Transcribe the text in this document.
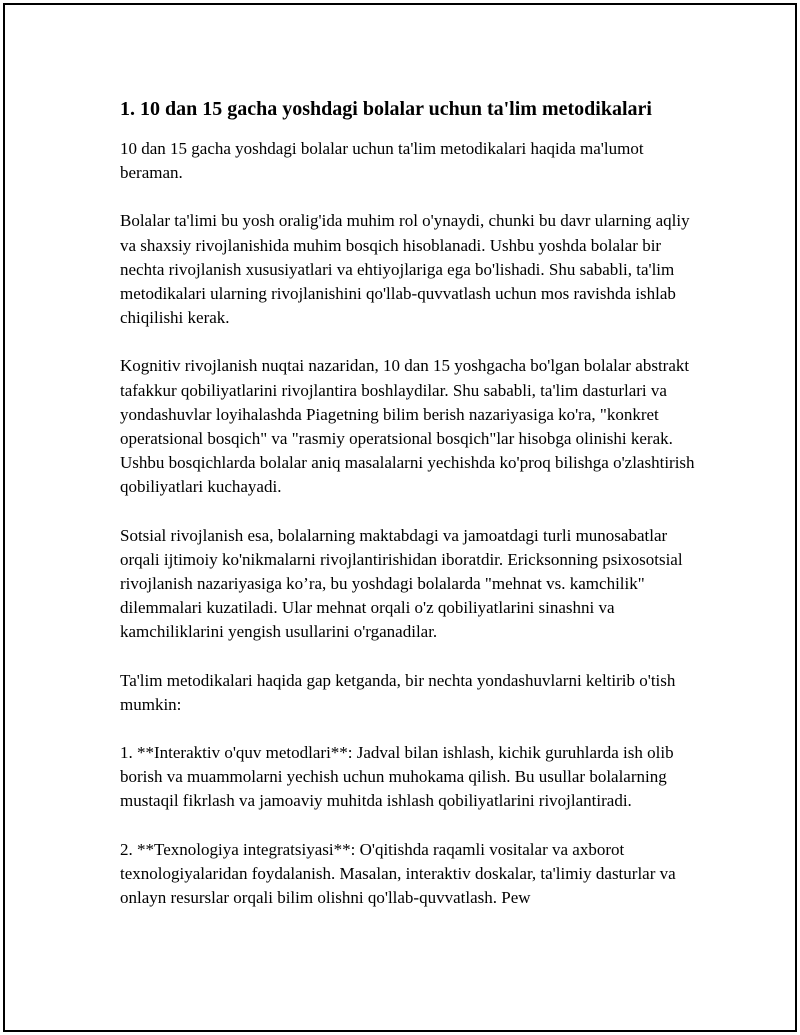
1. 10 dan 15 gacha yoshdagi bolalar uchun ta'lim metodikalari

10 dan 15 gacha yoshdagi bolalar uchun ta'lim metodikalari haqida ma'lumot beraman.

Bolalar ta'limi bu yosh oralig'ida muhim rol o'ynaydi, chunki bu davr ularning aqliy va shaxsiy rivojlanishida muhim bosqich hisoblanadi. Ushbu yoshda bolalar bir nechta rivojlanish xususiyatlari va ehtiyojlariga ega bo'lishadi. Shu sababli, ta'lim metodikalari ularning rivojlanishini qo'llab-quvvatlash uchun mos ravishda ishlab chiqilishi kerak.

Kognitiv rivojlanish nuqtai nazaridan, 10 dan 15 yoshgacha bo'lgan bolalar abstrakt tafakkur qobiliyatlarini rivojlantira boshlaydilar. Shu sababli, ta'lim dasturlari va yondashuvlar loyihalashda Piagetning bilim berish nazariyasiga ko'ra, "konkret operatsional bosqich" va "rasmiy operatsional bosqich"lar hisobga olinishi kerak. Ushbu bosqichlarda bolalar aniq masalalarni yechishda ko'proq bilishga o'zlashtirish qobiliyatlari kuchayadi.

Sotsial rivojlanish esa, bolalarning maktabdagi va jamoatdagi turli munosabatlar orqali ijtimoiy ko'nikmalarni rivojlantirishidan iboratdir. Ericksonning psixosotsial rivojlanish nazariyasiga ko’ra, bu yoshdagi bolalarda "mehnat vs. kamchilik" dilemmalari kuzatiladi. Ular mehnat orqali o'z qobiliyatlarini sinashni va kamchiliklarini yengish usullarini o'rganadilar.

Ta'lim metodikalari haqida gap ketganda, bir nechta yondashuvlarni keltirib o'tish mumkin:

1. **Interaktiv o'quv metodlari**: Jadval bilan ishlash, kichik guruhlarda ish olib borish va muammolarni yechish uchun muhokama qilish. Bu usullar bolalarning mustaqil fikrlash va jamoaviy muhitda ishlash qobiliyatlarini rivojlantiradi.

2. **Texnologiya integratsiyasi**: O'qitishda raqamli vositalar va axborot texnologiyalaridan foydalanish. Masalan, interaktiv doskalar, ta'limiy dasturlar va onlayn resurslar orqali bilim olishni qo'llab-quvvatlash. Pew
